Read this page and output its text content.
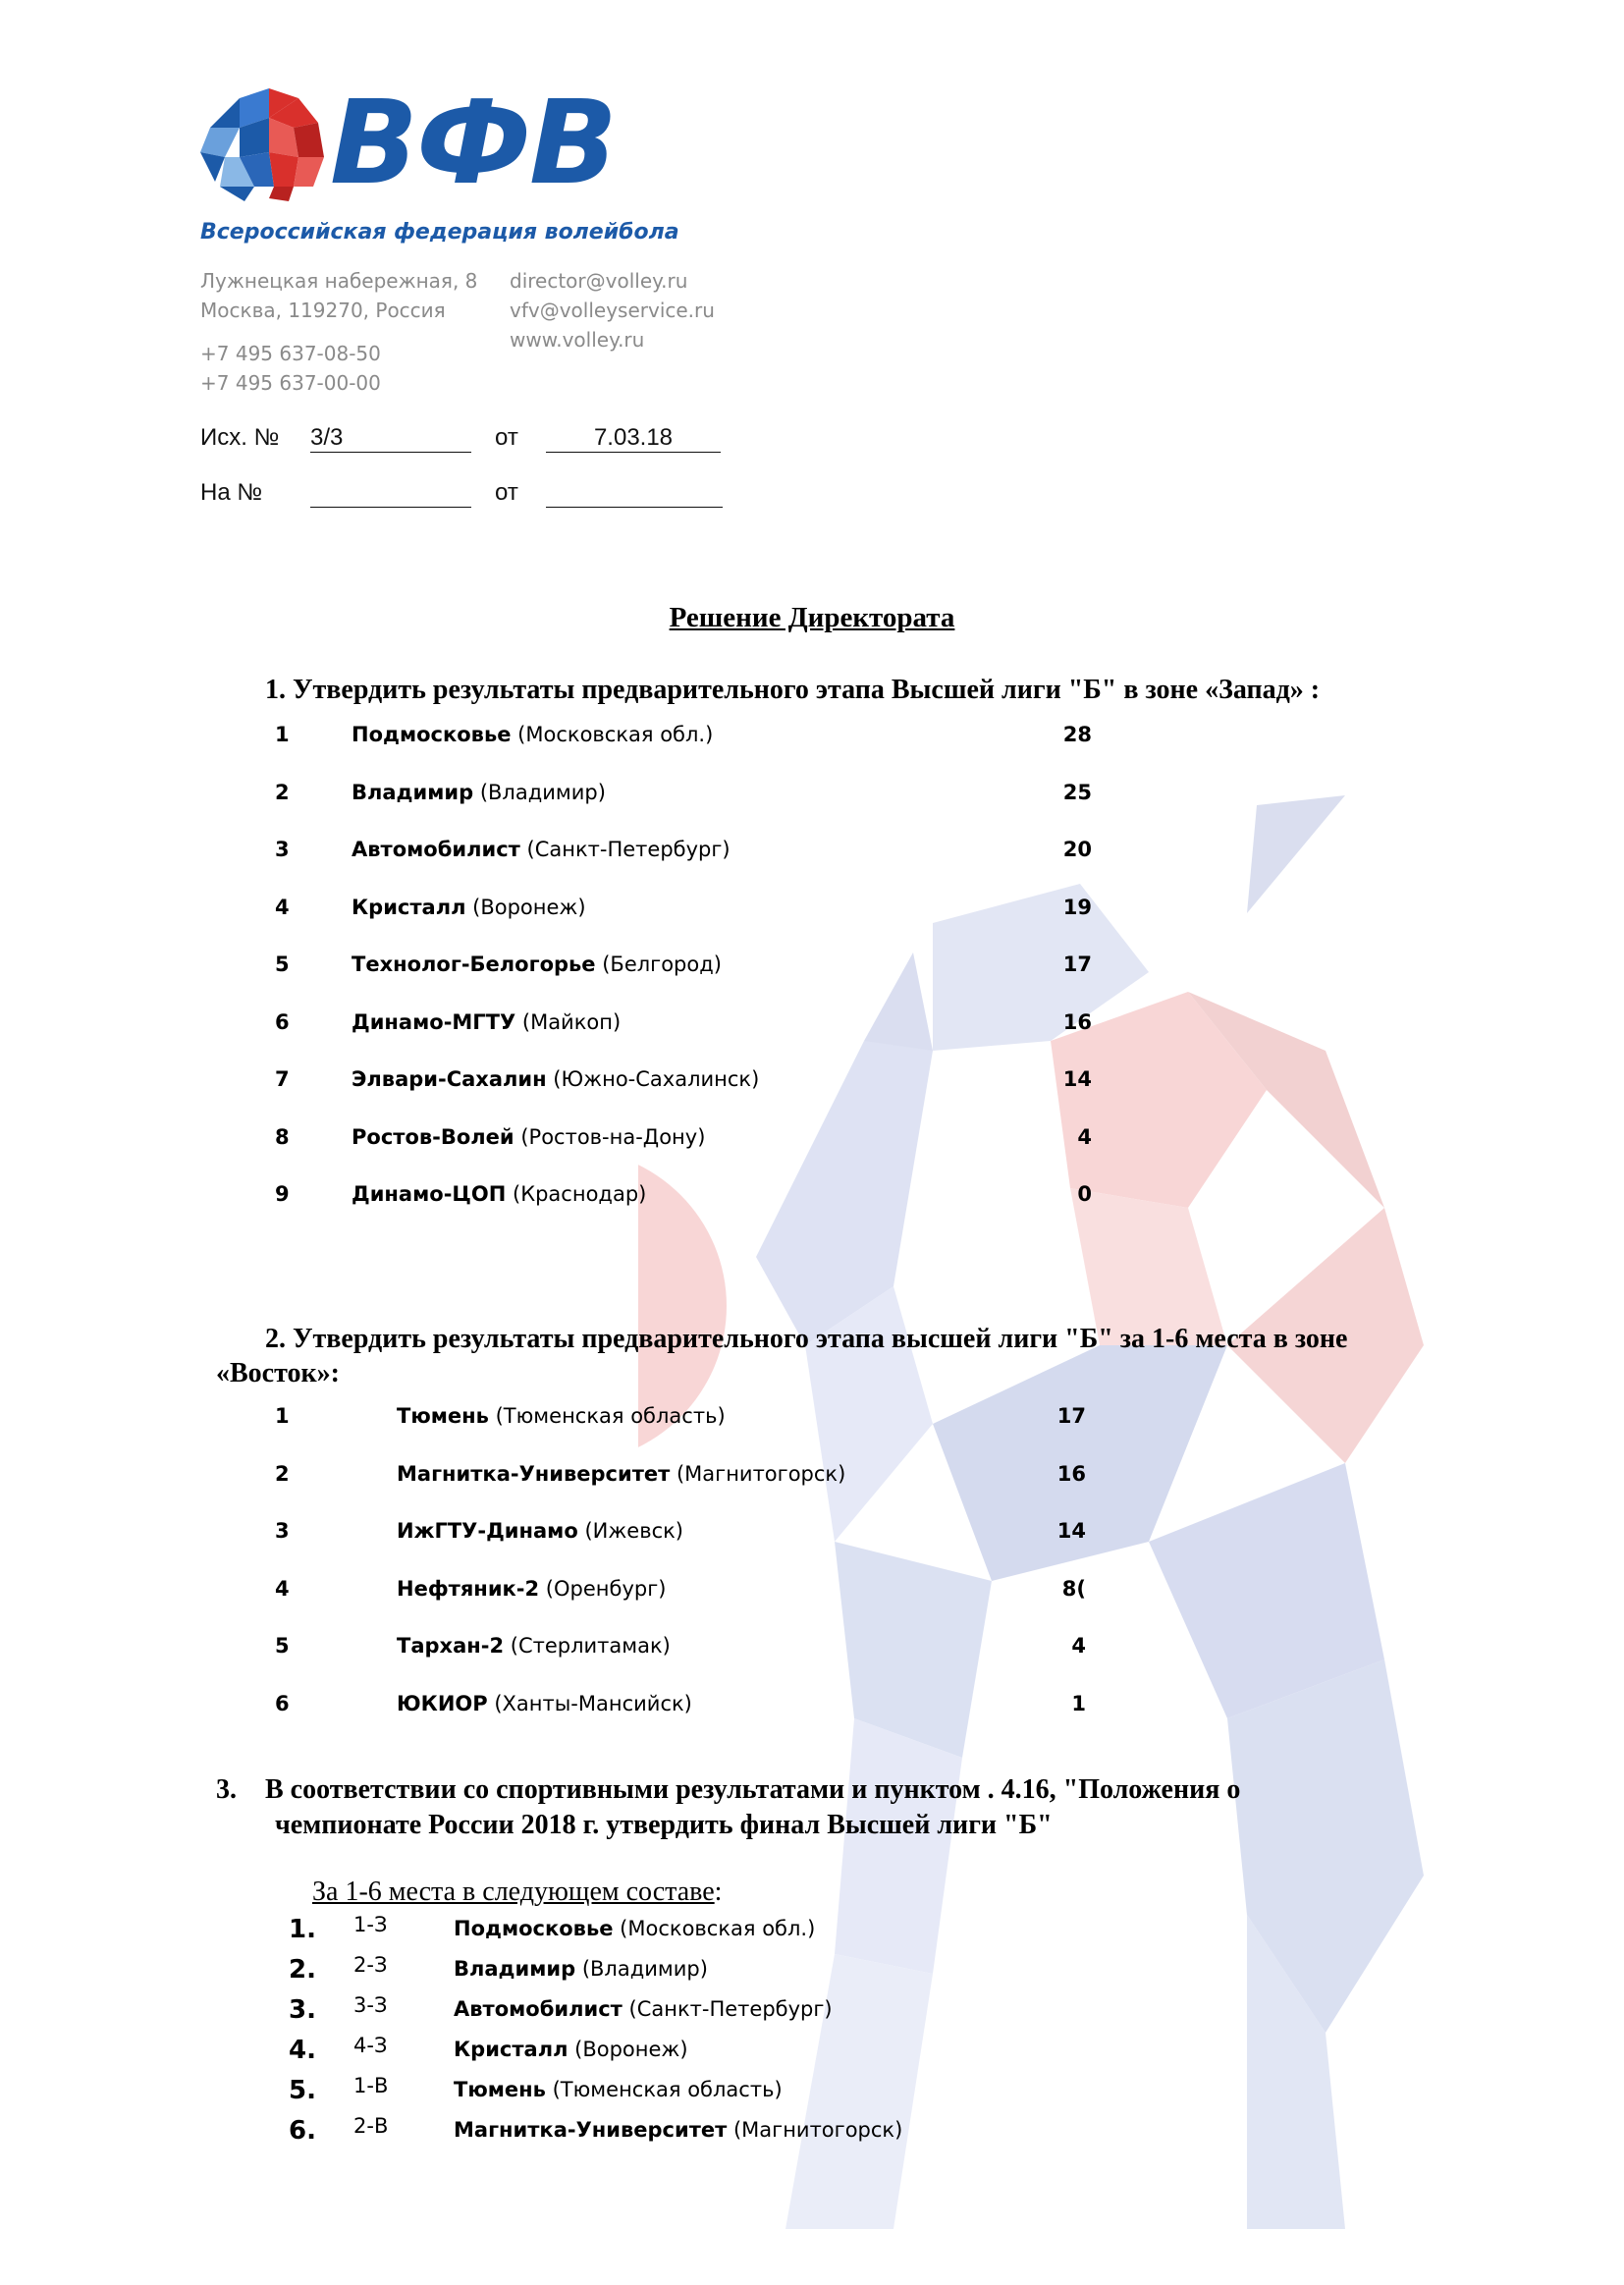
ВФВ
Всероссийская федерация волейбола
Лужнецкая набережная, 8
Москва, 119270, Россия
+7 495 637-08-50
+7 495 637-00-00
director@volley.ru
vfv@volleyservice.ru
www.volley.ru
Исх. № 3/3	от	7.03.18
На №	от
Решение Директората
1. Утвердить результаты предварительного этапа Высшей лиги "Б" в зоне «Запад» :
1	Подмосковье (Московская обл.)	28
2	Владимир (Владимир)	25
3	Автомобилист (Санкт-Петербург)	20
4	Кристалл (Воронеж)	19
5	Технолог-Белогорье (Белгород)	17
6	Динамо-МГТУ (Майкоп)	16
7	Элвари-Сахалин (Южно-Сахалинск)	14
8	Ростов-Волей (Ростов-на-Дону)	4
9	Динамо-ЦОП (Краснодар)	0
2. Утвердить результаты предварительного этапа высшей лиги "Б" за 1-6 места в зоне
«Восток»:
1	Тюмень (Тюменская область)	17
2	Магнитка-Университет (Магнитогорск)	16
3	ИжГТУ-Динамо (Ижевск)	14
4	Нефтяник-2 (Оренбург)	8(
5	Тархан-2 (Стерлитамак)	4
6	ЮКИОР (Ханты-Мансийск)	1
3. В соответствии со спортивными результатами и пунктом . 4.16, "Положения о
чемпионате России 2018 г. утвердить финал Высшей лиги "Б"
За 1-6 места в следующем составе:
1. 1-З	Подмосковье (Московская обл.)
2. 2-З	Владимир (Владимир)
3. 3-З	Автомобилист (Санкт-Петербург)
4. 4-З	Кристалл (Воронеж)
5. 1-В	Тюмень (Тюменская область)
6. 2-В	Магнитка-Университет (Магнитогорск)
